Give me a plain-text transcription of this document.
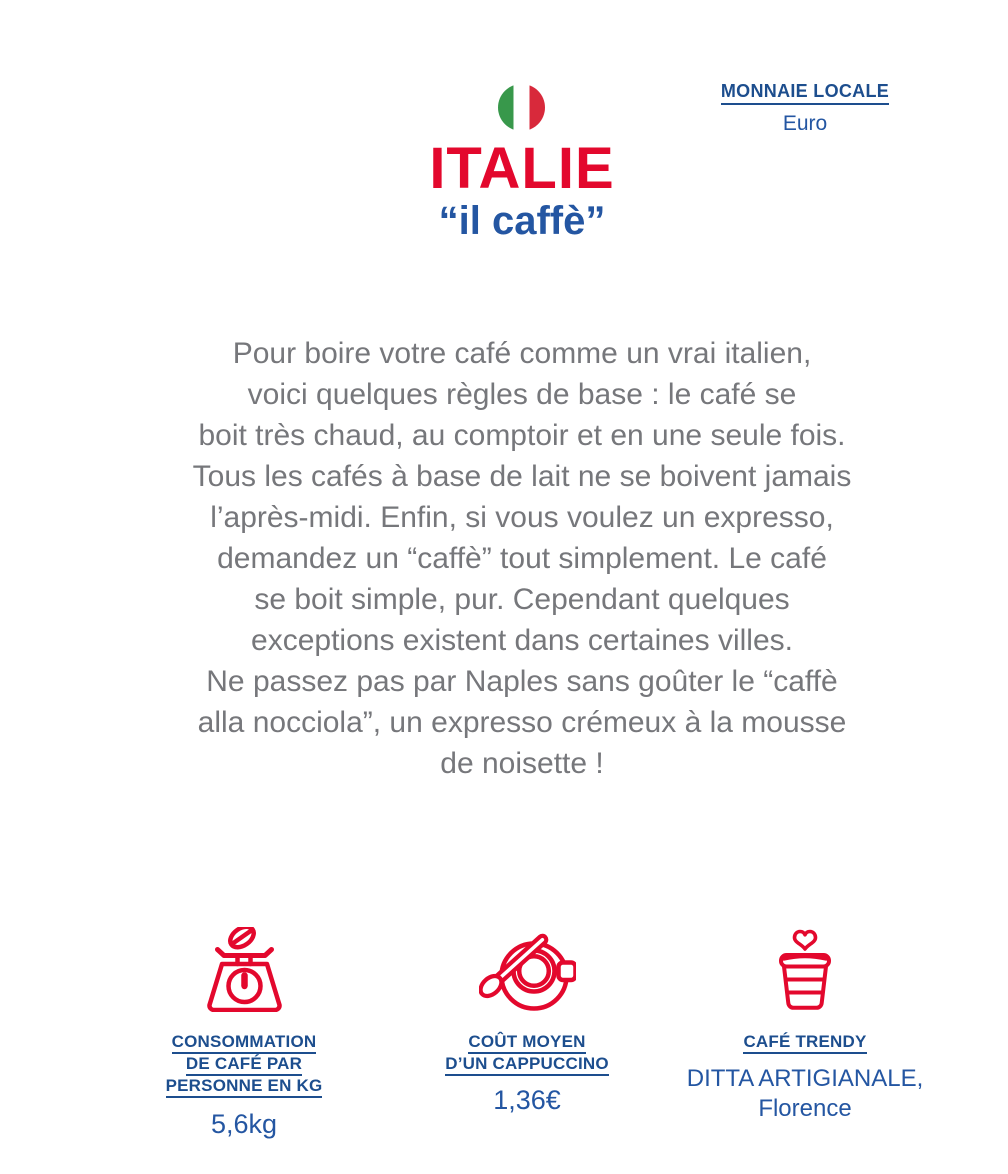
MONNAIE LOCALE
Euro
ITALIE
“il caffè”
Pour boire votre café comme un vrai italien,
voici quelques règles de base : le café se
boit très chaud, au comptoir et en une seule fois.
Tous les cafés à base de lait ne se boivent jamais
l’après-midi. Enfin, si vous voulez un expresso,
demandez un “caffè” tout simplement. Le café
se boit simple, pur. Cependant quelques
exceptions existent dans certaines villes.
Ne passez pas par Naples sans goûter le “caffè
alla nocciola”, un expresso crémeux à la mousse
de noisette !
CONSOMMATION
DE CAFÉ PAR
PERSONNE EN KG
5,6kg
COÛT MOYEN
D’UN CAPPUCCINO
1,36€
CAFÉ TRENDY
DITTA ARTIGIANALE,
Florence
